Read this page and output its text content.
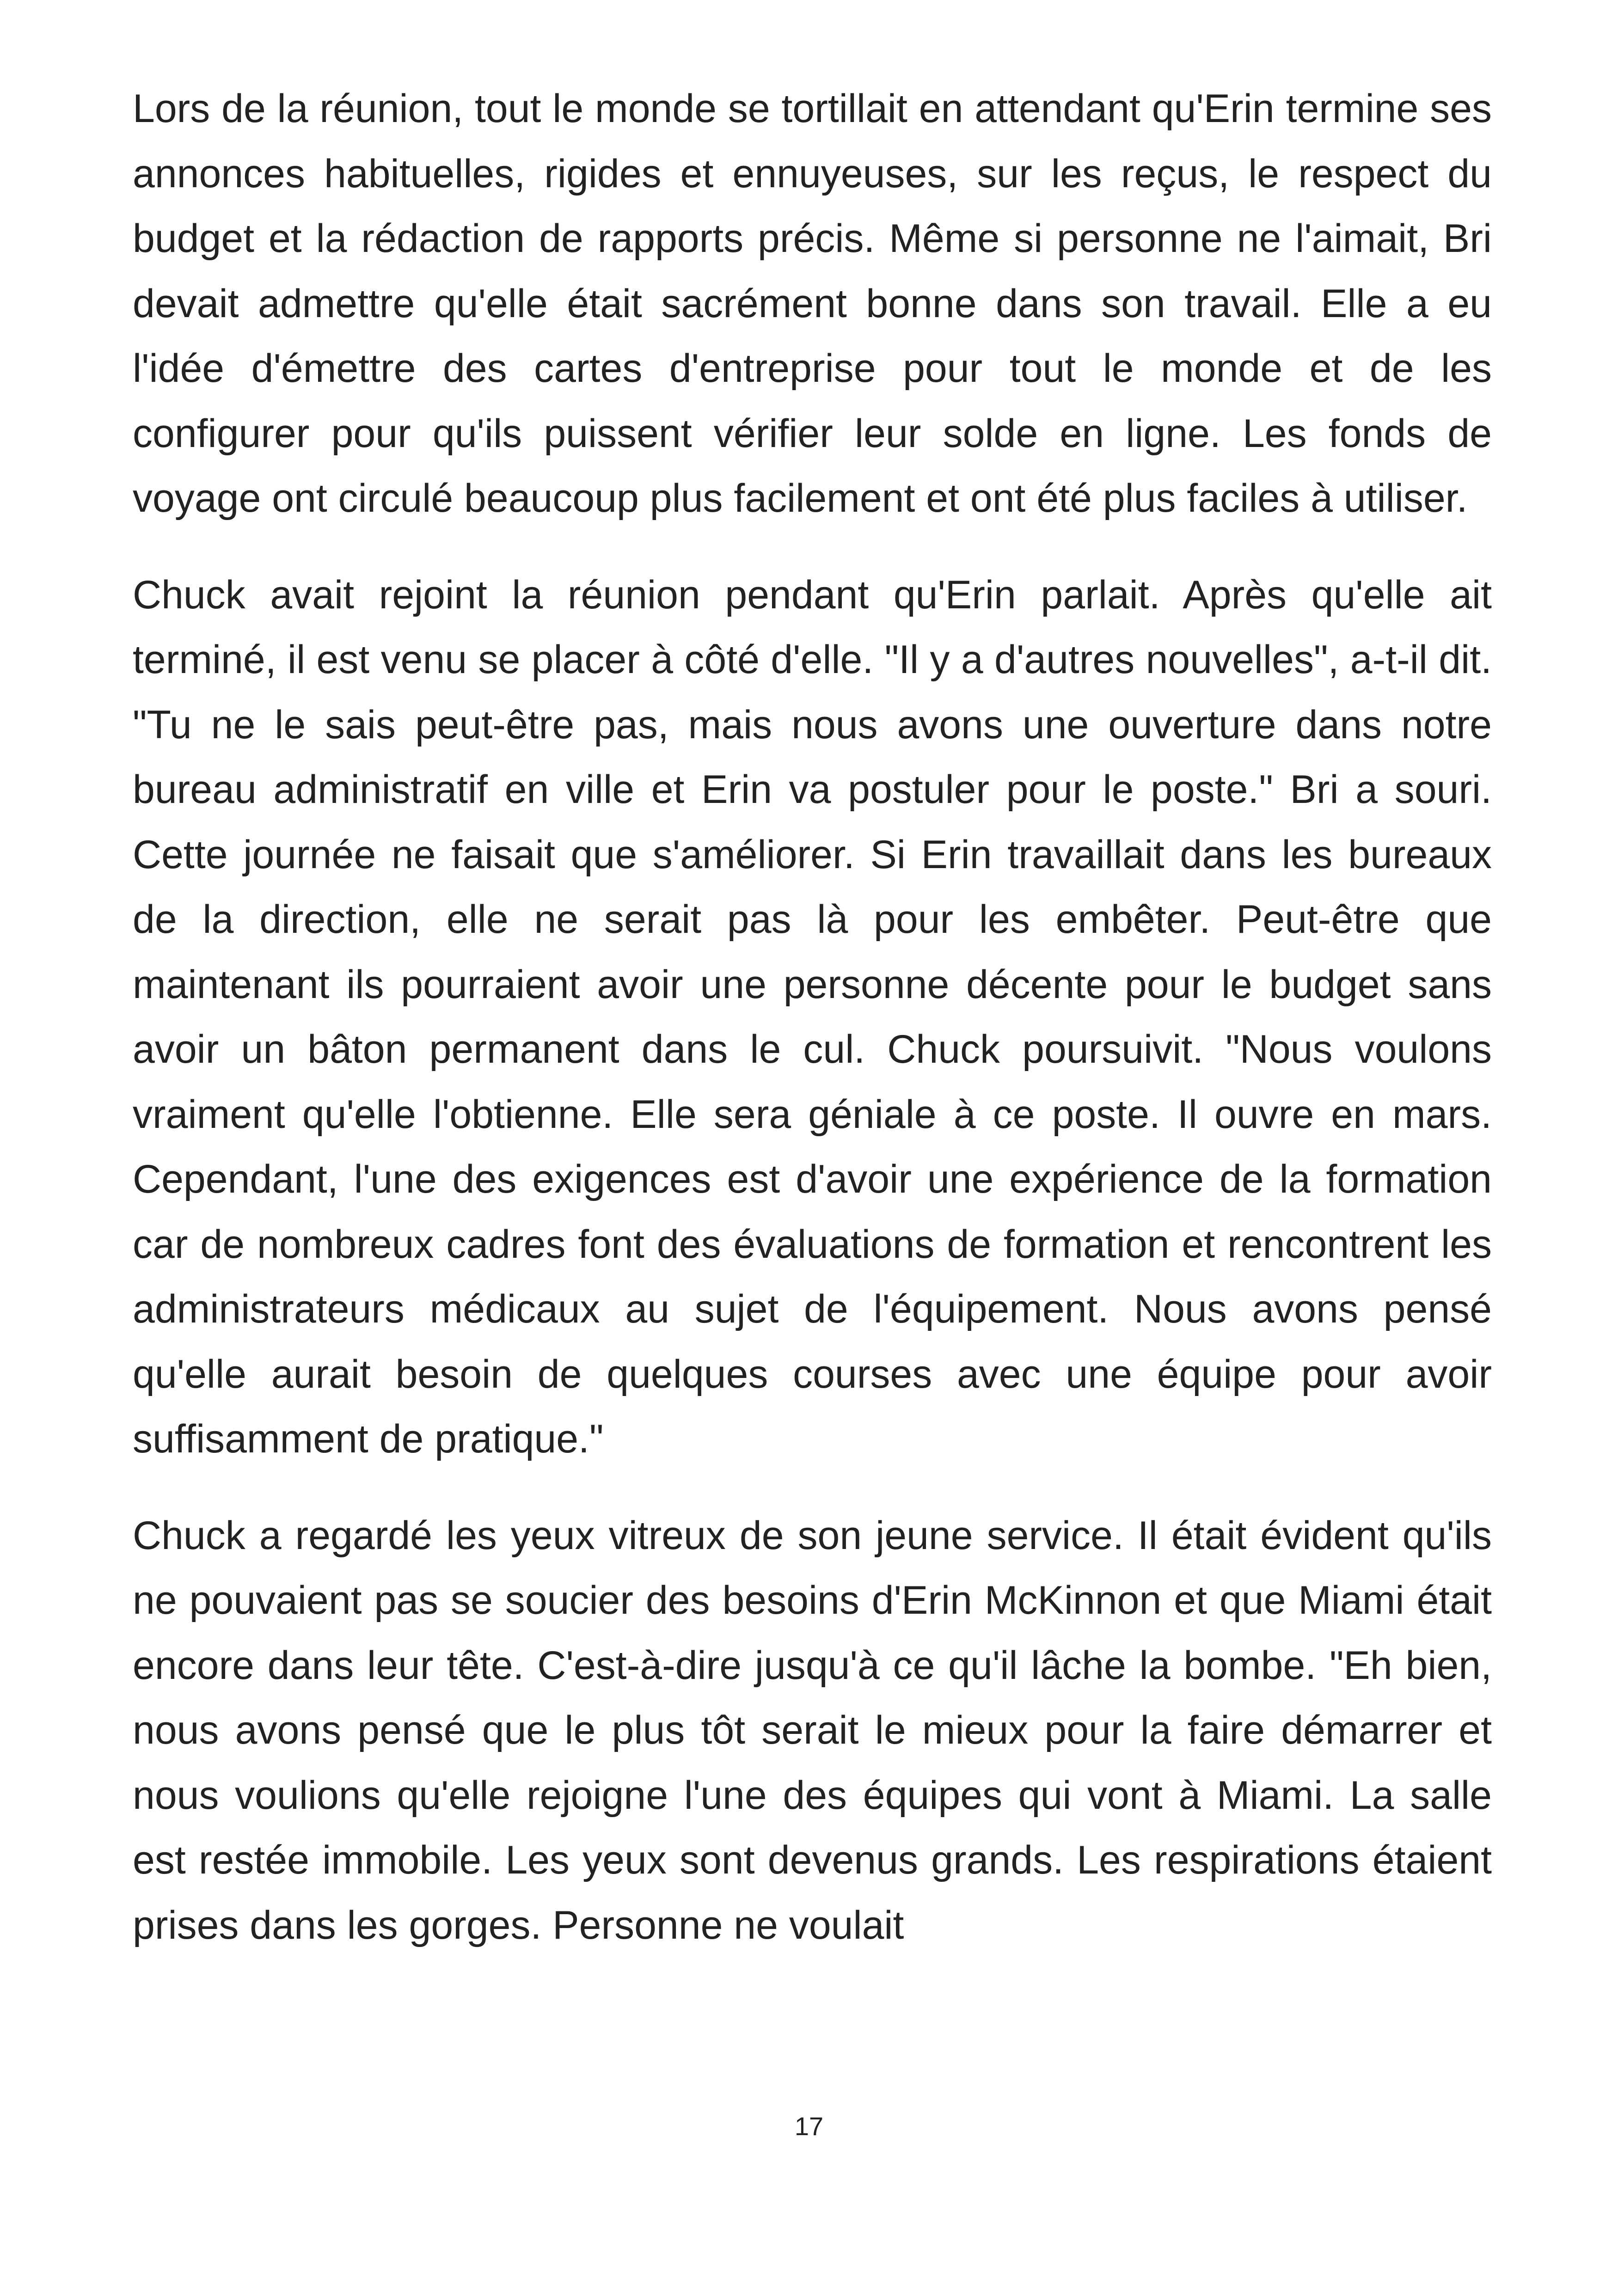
Lors de la réunion, tout le monde se tortillait en attendant qu'Erin termine ses annonces habituelles, rigides et ennuyeuses, sur les reçus, le respect du budget et la rédaction de rapports précis. Même si personne ne l'aimait, Bri devait admettre qu'elle était sacrément bonne dans son travail. Elle a eu l'idée d'émettre des cartes d'entreprise pour tout le monde et de les configurer pour qu'ils puissent vérifier leur solde en ligne. Les fonds de voyage ont circulé beaucoup plus facilement et ont été plus faciles à utiliser.

Chuck avait rejoint la réunion pendant qu'Erin parlait. Après qu'elle ait terminé, il est venu se placer à côté d'elle. "Il y a d'autres nouvelles", a-t-il dit. "Tu ne le sais peut-être pas, mais nous avons une ouverture dans notre bureau administratif en ville et Erin va postuler pour le poste." Bri a souri. Cette journée ne faisait que s'améliorer. Si Erin travaillait dans les bureaux de la direction, elle ne serait pas là pour les embêter. Peut-être que maintenant ils pourraient avoir une personne décente pour le budget sans avoir un bâton permanent dans le cul. Chuck poursuivit. "Nous voulons vraiment qu'elle l'obtienne. Elle sera géniale à ce poste. Il ouvre en mars. Cependant, l'une des exigences est d'avoir une expérience de la formation car de nombreux cadres font des évaluations de formation et rencontrent les administrateurs médicaux au sujet de l'équipement. Nous avons pensé qu'elle aurait besoin de quelques courses avec une équipe pour avoir suffisamment de pratique."

Chuck a regardé les yeux vitreux de son jeune service. Il était évident qu'ils ne pouvaient pas se soucier des besoins d'Erin McKinnon et que Miami était encore dans leur tête. C'est-à-dire jusqu'à ce qu'il lâche la bombe. "Eh bien, nous avons pensé que le plus tôt serait le mieux pour la faire démarrer et nous voulions qu'elle rejoigne l'une des équipes qui vont à Miami. La salle est restée immobile. Les yeux sont devenus grands. Les respirations étaient prises dans les gorges. Personne ne voulait

17
